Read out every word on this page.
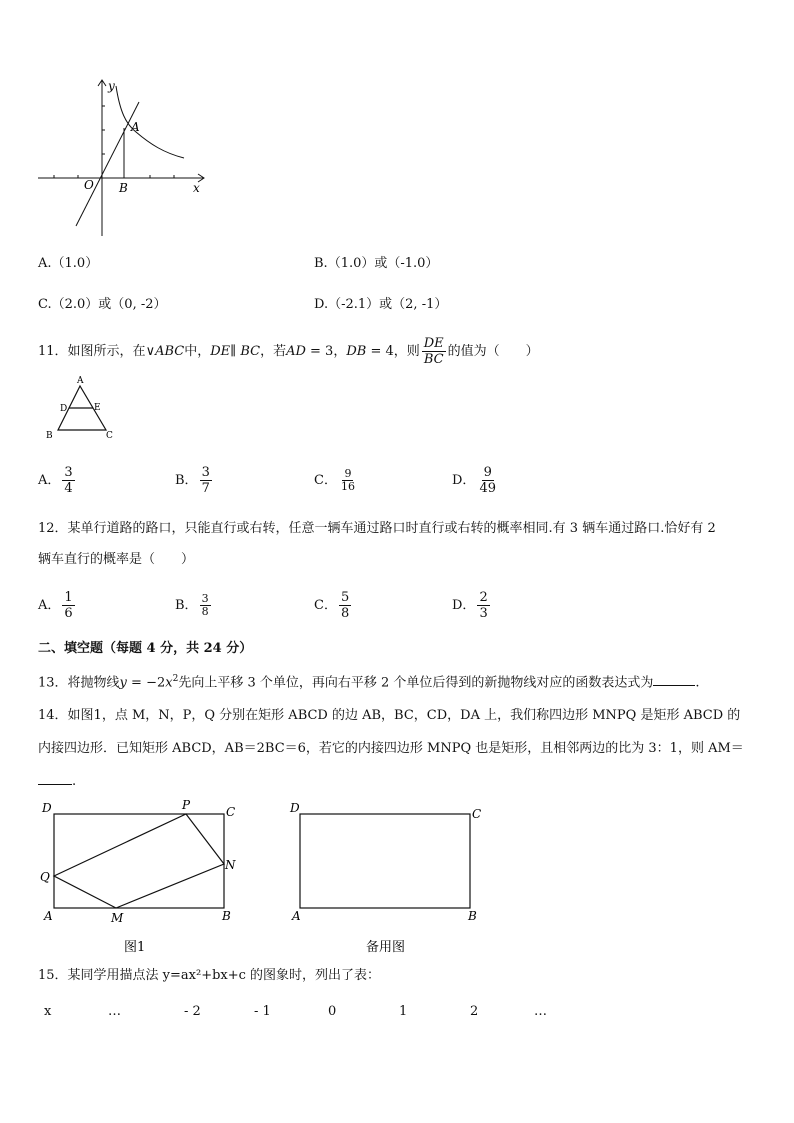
y
x
O
A
B
A.（1.0）	B.（1.0）或（-1.0）
C.（2.0）或（0, -2）	D.（-2.1）或（2, -1）
11．如图所示，在∨ABC中，DE∥ BC，若AD = 3，DB = 4，则 $\frac{DE}{BC}$ 的值为（　　）
A
B	C
D	E
A． $\frac{3}{4}$	B． $\frac{3}{7}$	C． $\frac{9}{16}$	D． $\frac{9}{49}$
12．某单行道路的路口，只能直行或右转，任意一辆车通过路口时直行或右转的概率相同.有 3 辆车通过路口.恰好有 2
辆车直行的概率是（　　）
A． $\frac{1}{6}$	B． $\frac{3}{8}$	C． $\frac{5}{8}$	D． $\frac{2}{3}$
二、填空题（每题 4 分，共 24 分）
13．将抛物线$y = -2x^2$先向上平移 3 个单位，再向右平移 2 个单位后得到的新抛物线对应的函数表达式为	.
14．如图1，点 M，N，P，Q 分别在矩形 ABCD 的边 AB，BC，CD，DA 上，我们称四边形 MNPQ 是矩形 ABCD 的
内接四边形．已知矩形 ABCD，AB＝2BC＝6，若它的内接四边形 MNPQ 也是矩形，且相邻两边的比为 3：1，则 AM＝
.
D	P	C
Q
N
A	M	B
图1
D	C
A	B
备用图
15．某同学用描点法 y=ax²+bx+c 的图象时，列出了表：
x	…	- 2	- 1	0	1	2	…
